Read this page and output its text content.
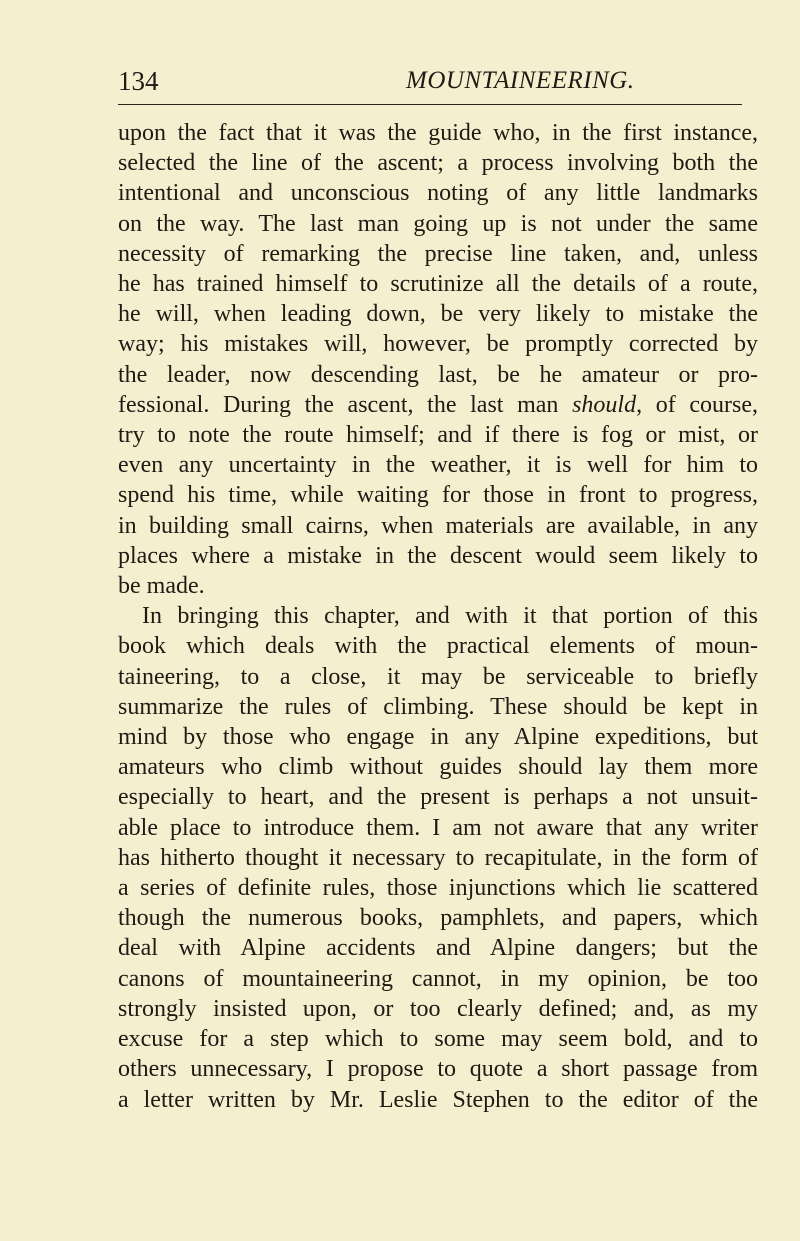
134	MOUNTAINEERING.

upon the fact that it was the guide who, in the first instance,
selected the line of the ascent; a process involving both the
intentional and unconscious noting of any little landmarks
on the way. The last man going up is not under the same
necessity of remarking the precise line taken, and, unless
he has trained himself to scrutinize all the details of a route,
he will, when leading down, be very likely to mistake the
way; his mistakes will, however, be promptly corrected by
the leader, now descending last, be he amateur or pro-
fessional. During the ascent, the last man should, of course,
try to note the route himself; and if there is fog or mist, or
even any uncertainty in the weather, it is well for him to
spend his time, while waiting for those in front to progress,
in building small cairns, when materials are available, in any
places where a mistake in the descent would seem likely to
be made.

In bringing this chapter, and with it that portion of this
book which deals with the practical elements of moun-
taineering, to a close, it may be serviceable to briefly
summarize the rules of climbing. These should be kept in
mind by those who engage in any Alpine expeditions, but
amateurs who climb without guides should lay them more
especially to heart, and the present is perhaps a not unsuit-
able place to introduce them. I am not aware that any writer
has hitherto thought it necessary to recapitulate, in the form of
a series of definite rules, those injunctions which lie scattered
though the numerous books, pamphlets, and papers, which
deal with Alpine accidents and Alpine dangers; but the
canons of mountaineering cannot, in my opinion, be too
strongly insisted upon, or too clearly defined; and, as my
excuse for a step which to some may seem bold, and to
others unnecessary, I propose to quote a short passage from
a letter written by Mr. Leslie Stephen to the editor of the
